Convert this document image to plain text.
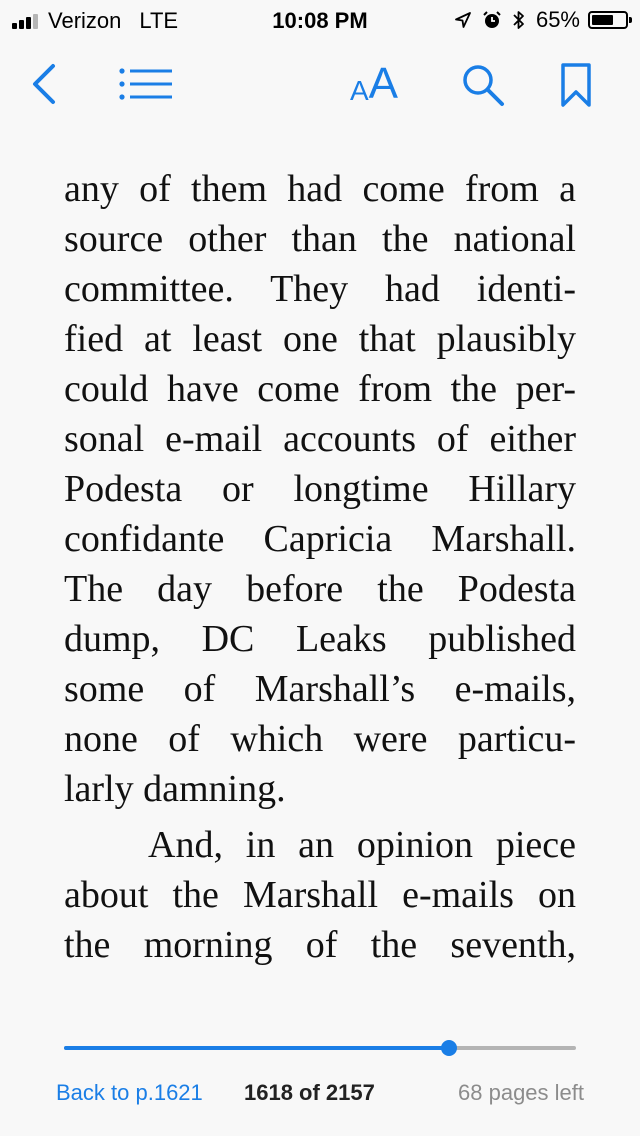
Verizon LTE	10:08 PM	65%
A A
any of them had come from a
source other than the national
committee. They had identi-
fied at least one that plausibly
could have come from the per-
sonal e-mail accounts of either
Podesta or longtime Hillary
confidante Capricia Marshall.
The day before the Podesta
dump, DC Leaks published
some of Marshall’s e-mails,
none of which were particu-
larly damning.
And, in an opinion piece
about the Marshall e-mails on
the morning of the seventh,
Back to p.1621 1618 of 2157	68 pages left
